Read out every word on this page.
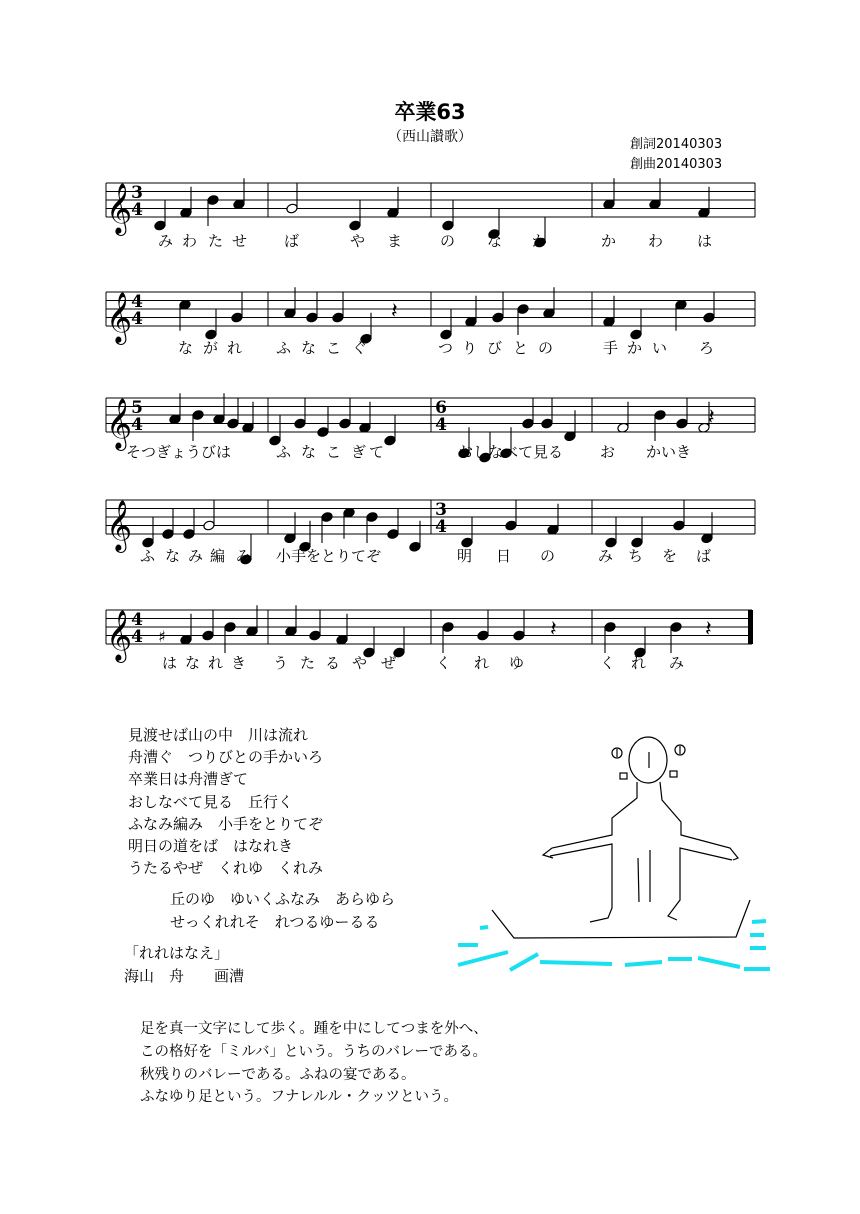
卒業63
（西山讃歌）	創詞20140303
創曲20140303
𝄞
𝄞
𝄞
𝄞
𝄞
3
4
4
4
5
4
6
4
3
4
4
4
𝄽
𝄽
𝄽	𝄽
♯
み わ た せ ば	や ま	の な か	か わ は
な が れ ふ な こ ぐ	つ り び と の	手 か い ろ
そつぎょうびは	ふ な こ ぎ て	おしなべて見る お かいき
ふ な み 編 み 小手をとりてぞ	明 日 の	み ち を ば
は な れ き う た る や ぜ	く れ ゆ	く れ み
見渡せば山の中　川は流れ
舟漕ぐ　つりびとの手かいろ
卒業日は舟漕ぎて
おしなべて見る　丘行く
ふなみ編み　小手をとりてぞ
明日の道をば　はなれき
うたるやぜ　くれゆ　くれみ
丘のゆ　ゆいくふなみ　あらゆら
せっくれれそ　れつるゆーるる
「れれはなえ」
海山　舟　　画漕
足を真一文字にして歩く。踵を中にしてつまを外へ、
この格好を「ミルバ」という。うちのバレーである。
秋残りのバレーである。ふねの宴である。
ふなゆり足という。フナレルル・クッツという。
